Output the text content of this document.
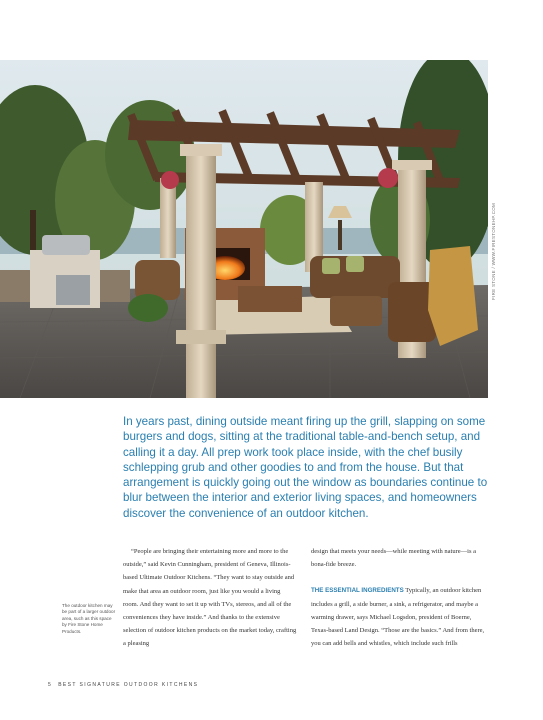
FIRE STONE / WWW.FIRESTONEHP.COM

In years past, dining outside meant firing up the grill, slapping on some burgers and dogs, sitting at the traditional table-and-bench setup, and calling it a day. All prep work took place inside, with the chef busily schlepping grub and other goodies to and from the house. But that arrangement is quickly going out the window as boundaries continue to blur between the interior and exterior living spaces, and homeowners discover the convenience of an outdoor kitchen.

The outdoor kitchen may be part of a larger outdoor area, such as this space by Fire Stone Home Products.

“People are bringing their entertaining more and more to the outside,” said Kevin Cunningham, president of Geneva, Illinois-based Ultimate Outdoor Kitchens. “They want to stay outside and make that area an outdoor room, just like you would a living room. And they want to set it up with TVs, stereos, and all of the conveniences they have inside.” And thanks to the extensive selection of outdoor kitchen products on the market today, crafting a pleasing

design that meets your needs—while meeting with nature—is a bona-fide breeze.

THE ESSENTIAL INGREDIENTS Typically, an outdoor kitchen includes a grill, a side burner, a sink, a refrigerator, and maybe a warming drawer, says Michael Logsdon, president of Boerne, Texas-based Land Design. “Those are the basics.” And from there, you can add bells and whistles, which include such frills

5 BEST SIGNATURE OUTDOOR KITCHENS
